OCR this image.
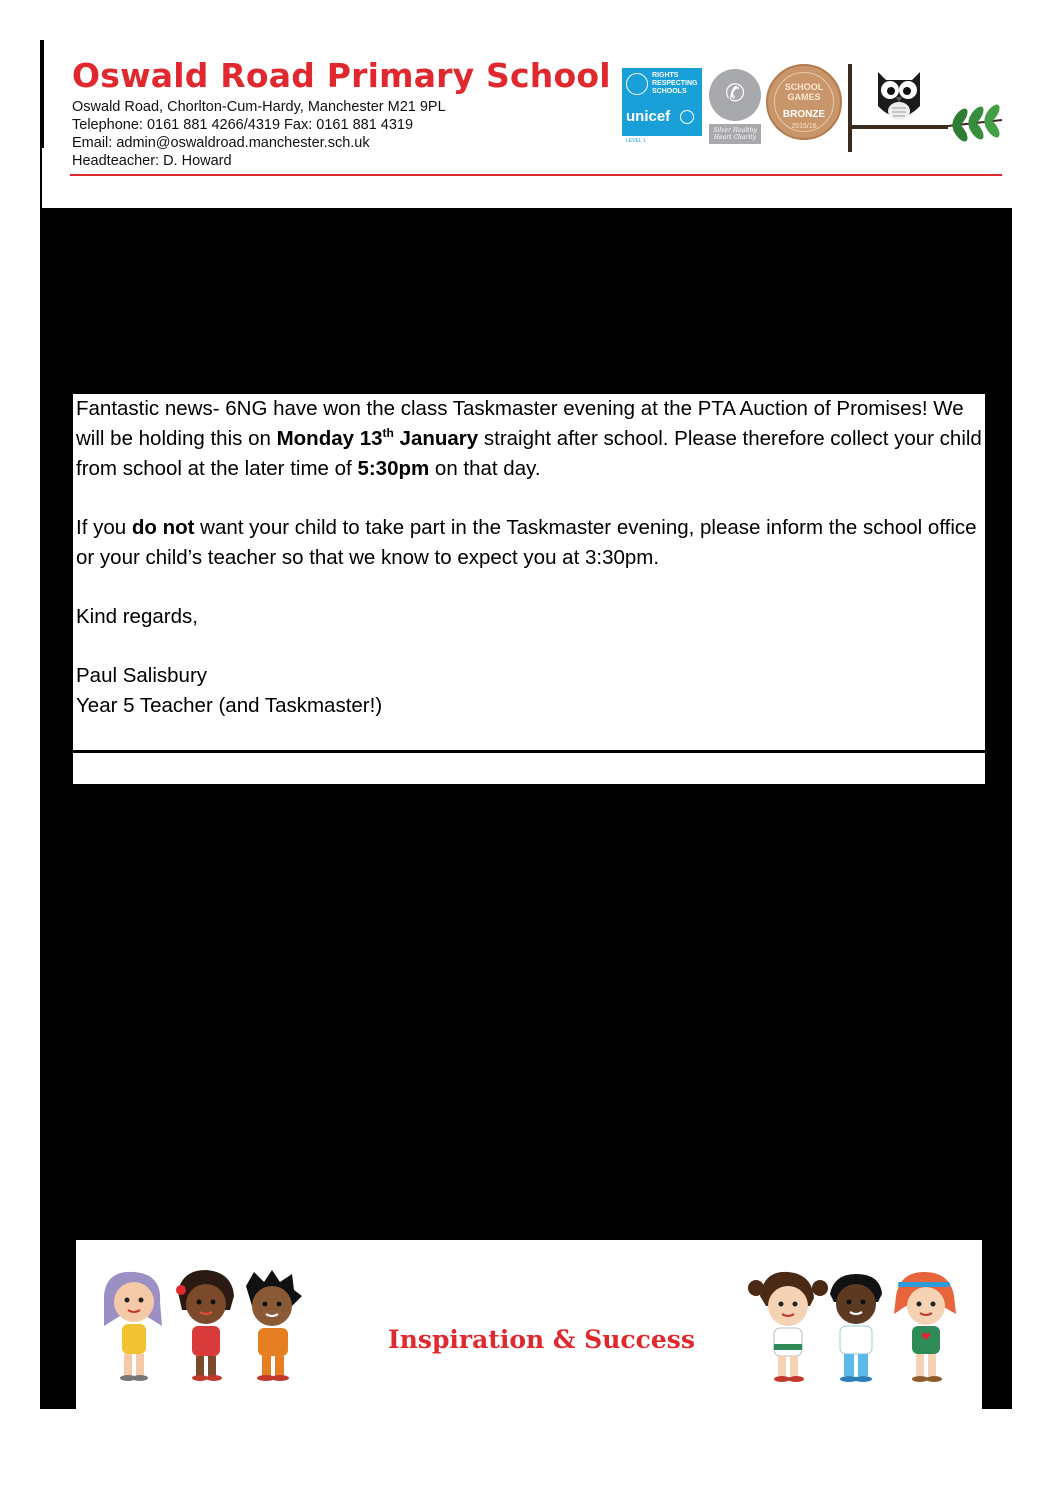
Oswald Road Primary School
Oswald Road, Chorlton-Cum-Hardy, Manchester M21 9PL
Telephone: 0161 881 4266/4319 Fax: 0161 881 4319
Email: admin@oswaldroad.manchester.sch.uk
Headteacher: D. Howard
RIGHTS RESPECTING SCHOOLS
unicef
LEVEL 1
✆
Silver Healthy Heart Charity
SCHOOL GAMES
BRONZE
2015/16

Fantastic news- 6NG have won the class Taskmaster evening at the PTA Auction of Promises! We will be holding this on Monday 13th January straight after school. Please therefore collect your child from school at the later time of 5:30pm on that day.

If you do not want your child to take part in the Taskmaster evening, please inform the school office or your child’s teacher so that we know to expect you at 3:30pm.

Kind regards,

Paul Salisbury

Year 5 Teacher (and Taskmaster!)

Inspiration & Success
